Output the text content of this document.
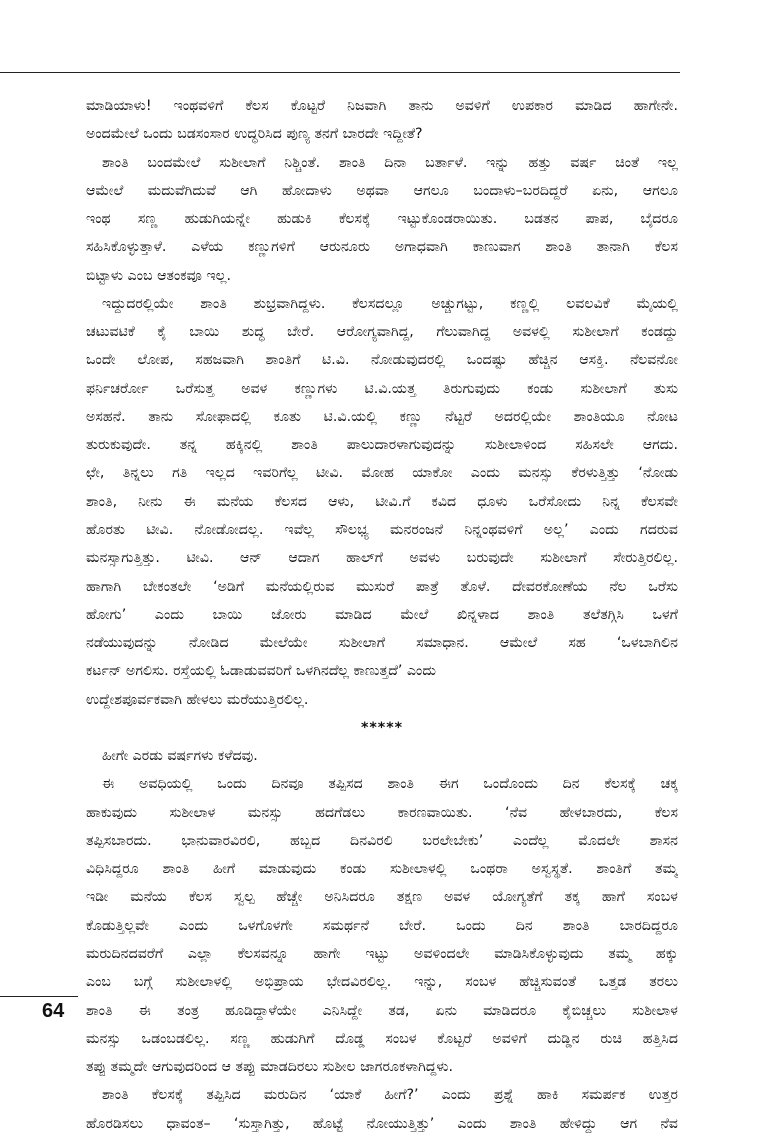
ಮಾಡಿಯಾಳು! ಇಂಥವಳಿಗೆ ಕೆಲಸ ಕೊಟ್ಟರೆ ನಿಜವಾಗಿ ತಾನು ಅವಳಿಗೆ ಉಪಕಾರ ಮಾಡಿದ ಹಾಗೇನೇ.
ಅಂದಮೇಲೆ ಒಂದು ಬಡಸಂಸಾರ ಉದ್ಧರಿಸಿದ ಪುಣ್ಯ ತನಗೆ ಬಾರದೇ ಇದ್ದೀತೆ?
ಶಾಂತಿ ಬಂದಮೇಲೆ ಸುಶೀಲಾಗೆ ನಿಶ್ಚಿಂತೆ. ಶಾಂತಿ ದಿನಾ ಬರ್ತಾಳೆ. ಇನ್ನು ಹತ್ತು ವರ್ಷ ಚಿಂತೆ ಇಲ್ಲ
ಆಮೇಲೆ ಮದುವೆಗಿದುವೆ ಆಗಿ ಹೋದಾಳು ಅಥವಾ ಆಗಲೂ ಬಂದಾಳು–ಬರದಿದ್ದರೆ ಏನು, ಆಗಲೂ
ಇಂಥ ಸಣ್ಣ ಹುಡುಗಿಯನ್ನೇ ಹುಡುಕಿ ಕೆಲಸಕ್ಕೆ ಇಟ್ಟುಕೊಂಡರಾಯಿತು. ಬಡತನ ಪಾಪ, ಬೈದರೂ
ಸಹಿಸಿಕೊಳ್ಳುತ್ತಾಳೆ. ಎಳೆಯ ಕಣ್ಣುಗಳಿಗೆ ಆರುನೂರು ಅಗಾಧವಾಗಿ ಕಾಣುವಾಗ ಶಾಂತಿ ತಾನಾಗಿ ಕೆಲಸ
ಬಿಟ್ಟಾಳು ಎಂಬ ಆತಂಕವೂ ಇಲ್ಲ.
ಇದ್ದುದರಲ್ಲಿಯೇ ಶಾಂತಿ ಶುಭ್ರವಾಗಿದ್ದಳು. ಕೆಲಸದಲ್ಲೂ ಅಚ್ಚುಗಟ್ಟು, ಕಣ್ಣಲ್ಲಿ ಲವಲವಿಕೆ ಮೈಯಲ್ಲಿ
ಚಟುವಟಿಕೆ ಕೈ ಬಾಯಿ ಶುದ್ಧ ಬೇರೆ. ಆರೋಗ್ಯವಾಗಿದ್ದ, ಗೆಲುವಾಗಿದ್ದ ಅವಳಲ್ಲಿ ಸುಶೀಲಾಗೆ ಕಂಡದ್ದು
ಒಂದೇ ಲೋಪ, ಸಹಜವಾಗಿ ಶಾಂತಿಗೆ ಟಿ.ವಿ. ನೋಡುವುದರಲ್ಲಿ ಒಂದಷ್ಟು ಹೆಚ್ಚಿನ ಆಸಕ್ತಿ. ನೆಲವನೋ
ಫರ್ನಿಚರ್ರೋ ಒರೆಸುತ್ತ ಅವಳ ಕಣ್ಣುಗಳು ಟಿ.ವಿ.ಯತ್ತ ತಿರುಗುವುದು ಕಂಡು ಸುಶೀಲಾಗೆ ತುಸು
ಅಸಹನೆ. ತಾನು ಸೋಫಾದಲ್ಲಿ ಕೂತು ಟಿ.ವಿ.ಯಲ್ಲಿ ಕಣ್ಣು ನೆಟ್ಟರೆ ಅದರಲ್ಲಿಯೇ ಶಾಂತಿಯೂ ನೋಟ
ತುರುಕುವುದೇ. ತನ್ನ ಹಕ್ಕಿನಲ್ಲಿ ಶಾಂತಿ ಪಾಲುದಾರಳಾಗುವುದನ್ನು ಸುಶೀಲಾಳಿಂದ ಸಹಿಸಲೇ ಆಗದು.
ಛೇ, ತಿನ್ನಲು ಗತಿ ಇಲ್ಲದ ಇವರಿಗೆಲ್ಲ ಟೀವಿ. ಮೋಹ ಯಾಕೋ ಎಂದು ಮನಸ್ಸು ಕೆರಳುತ್ತಿತ್ತು ‘ನೋಡು
ಶಾಂತಿ, ನೀನು ಈ ಮನೆಯ ಕೆಲಸದ ಆಳು, ಟೀವಿ.ಗೆ ಕವಿದ ಧೂಳು ಒರೆಸೋದು ನಿನ್ನ ಕೆಲಸವೇ
ಹೊರತು ಟೀವಿ. ನೋಡೋದಲ್ಲ. ಇವೆಲ್ಲ ಸೌಲಭ್ಯ ಮನರಂಜನೆ ನಿನ್ನಂಥವಳಿಗೆ ಅಲ್ಲ’ ಎಂದು ಗದರುವ
ಮನಸ್ಸಾಗುತ್ತಿತ್ತು. ಟೀವಿ. ಆನ್ ಆದಾಗ ಹಾಲ್‌ಗೆ ಅವಳು ಬರುವುದೇ ಸುಶೀಲಾಗೆ ಸೇರುತ್ತಿರಲಿಲ್ಲ.
ಹಾಗಾಗಿ ಬೇಕಂತಲೇ ‘ಅಡಿಗೆ ಮನೆಯಲ್ಲಿರುವ ಮುಸುರೆ ಪಾತ್ರೆ ತೊಳೆ. ದೇವರಕೋಣೆಯ ನೆಲ ಒರೆಸು
ಹೋಗು’ ಎಂದು ಬಾಯಿ ಜೋರು ಮಾಡಿದ ಮೇಲೆ ಖಿನ್ನಳಾದ ಶಾಂತಿ ತಲೆತಗ್ಗಿಸಿ ಒಳಗೆ
ನಡೆಯುವುದನ್ನು ನೋಡಿದ ಮೇಲೆಯೇ ಸುಶೀಲಾಗೆ ಸಮಾಧಾನ. ಆಮೇಲೆ ಸಹ ‘ಒಳಬಾಗಿಲಿನ
ಕರ್ಟನ್ ಅಗಲಿಸು. ರಸ್ತೆಯಲ್ಲಿ ಓಡಾಡುವವರಿಗೆ ಒಳಗಿನದೆಲ್ಲ ಕಾಣುತ್ತದೆ’ ಎಂದು
ಉದ್ದೇಶಪೂರ್ವಕವಾಗಿ ಹೇಳಲು ಮರೆಯುತ್ತಿರಲಿಲ್ಲ.
*****
ಹೀಗೇ ಎರಡು ವರ್ಷಗಳು ಕಳೆದವು.
ಈ ಅವಧಿಯಲ್ಲಿ ಒಂದು ದಿನವೂ ತಪ್ಪಿಸದ ಶಾಂತಿ ಈಗ ಒಂದೊಂದು ದಿನ ಕೆಲಸಕ್ಕೆ ಚಕ್ಕ
ಹಾಕುವುದು ಸುಶೀಲಾಳ ಮನಸ್ಸು ಹದಗೆಡಲು ಕಾರಣವಾಯಿತು. ‘ನೆವ ಹೇಳಬಾರದು, ಕೆಲಸ
ತಪ್ಪಿಸಬಾರದು. ಭಾನುವಾರವಿರಲಿ, ಹಬ್ಬದ ದಿನವಿರಲಿ ಬರಲೇಬೇಕು’ ಎಂದೆಲ್ಲ ಮೊದಲೇ ಶಾಸನ
ವಿಧಿಸಿದ್ದರೂ ಶಾಂತಿ ಹೀಗೆ ಮಾಡುವುದು ಕಂಡು ಸುಶೀಲಾಳಲ್ಲಿ ಒಂಥರಾ ಅಸ್ವಸ್ಥತೆ. ಶಾಂತಿಗೆ ತಮ್ಮ
ಇಡೀ ಮನೆಯ ಕೆಲಸ ಸ್ವಲ್ಪ ಹೆಚ್ಚೇ ಅನಿಸಿದರೂ ತಕ್ಷಣ ಅವಳ ಯೋಗ್ಯತೆಗೆ ತಕ್ಕ ಹಾಗೆ ಸಂಬಳ
ಕೊಡುತ್ತಿಲ್ಲವೇ ಎಂದು ಒಳಗೊಳಗೇ ಸಮರ್ಥನೆ ಬೇರೆ. ಒಂದು ದಿನ ಶಾಂತಿ ಬಾರದಿದ್ದರೂ
ಮರುದಿನದವರೆಗೆ ಎಲ್ಲಾ ಕೆಲಸವನ್ನೂ ಹಾಗೇ ಇಟ್ಟು ಅವಳಿಂದಲೇ ಮಾಡಿಸಿಕೊಳ್ಳುವುದು ತಮ್ಮ ಹಕ್ಕು
ಎಂಬ ಬಗ್ಗೆ ಸುಶೀಲಾಳಲ್ಲಿ ಅಭಿಪ್ರಾಯ ಭೇದವಿರಲಿಲ್ಲ. ಇನ್ನು, ಸಂಬಳ ಹೆಚ್ಚಿಸುವಂತೆ ಒತ್ತಡ ತರಲು
ಶಾಂತಿ ಈ ತಂತ್ರ ಹೂಡಿದ್ದಾಳೆಯೇ ಎನಿಸಿದ್ದೇ ತಡ, ಏನು ಮಾಡಿದರೂ ಕೈಬಿಚ್ಚಲು ಸುಶೀಲಾಳ
ಮನಸ್ಸು ಒಡಂಬಡಲಿಲ್ಲ. ಸಣ್ಣ ಹುಡುಗಿಗೆ ದೊಡ್ಡ ಸಂಬಳ ಕೊಟ್ಟರೆ ಅವಳಿಗೆ ದುಡ್ಡಿನ ರುಚಿ ಹತ್ತಿಸಿದ
ತಪ್ಪು ತಮ್ಮದೇ ಆಗುವುದರಿಂದ ಆ ತಪ್ಪು ಮಾಡದಿರಲು ಸುಶೀಲ ಜಾಗರೂಕಳಾಗಿದ್ದಳು.
ಶಾಂತಿ ಕೆಲಸಕ್ಕೆ ತಪ್ಪಿಸಿದ ಮರುದಿನ ‘ಯಾಕೆ ಹೀಗೆ?’ ಎಂದು ಪ್ರಶ್ನೆ ಹಾಕಿ ಸಮರ್ಪಕ ಉತ್ತರ
ಹೊರಡಿಸಲು ಧಾವಂತ– ‘ಸುಸ್ತಾಗಿತ್ತು, ಹೊಟ್ಟೆ ನೋಯುತ್ತಿತ್ತು’ ಎಂದು ಶಾಂತಿ ಹೇಳಿದ್ದು ಆಗ ನೆವ
64
